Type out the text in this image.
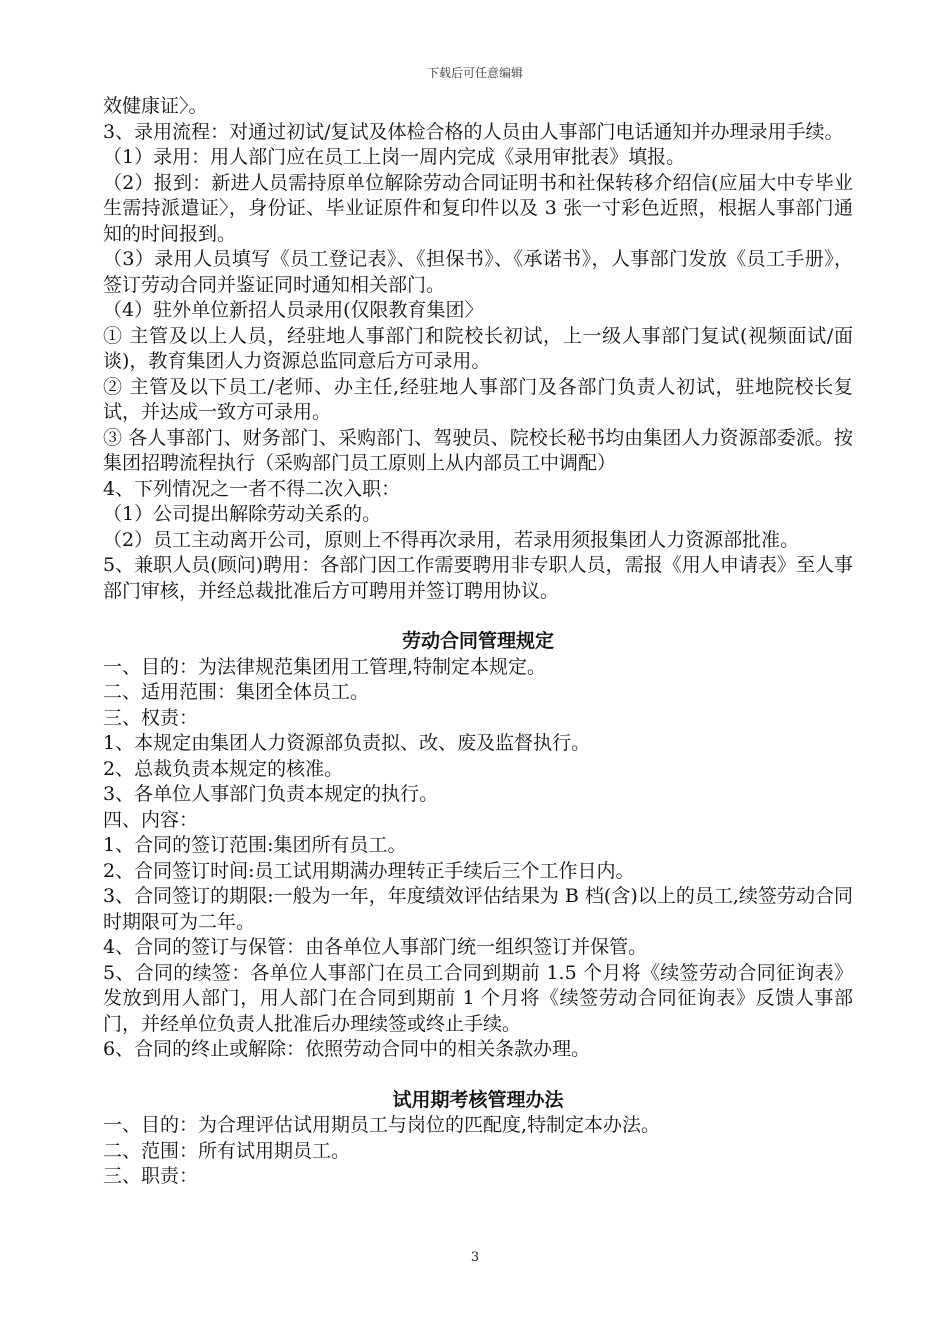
下载后可任意编辑

效健康证〉。

3、录用流程：对通过初试/复试及体检合格的人员由人事部门电话通知并办理录用手续。

（1）录用：用人部门应在员工上岗一周内完成《录用审批表》填报。

（2）报到：新进人员需持原单位解除劳动合同证明书和社保转移介绍信(应届大中专毕业生需持派遣证〉，身份证、毕业证原件和复印件以及 3 张一寸彩色近照，根据人事部门通知的时间报到。

（3）录用人员填写《员工登记表》、《担保书》、《承诺书》，人事部门发放《员工手册》，签订劳动合同并鉴证同时通知相关部门。

（4）驻外单位新招人员录用(仅限教育集团〉

① 主管及以上人员，经驻地人事部门和院校长初试，上一级人事部门复试(视频面试/面谈)，教育集团人力资源总监同意后方可录用。

② 主管及以下员工/老师、办主任,经驻地人事部门及各部门负责人初试，驻地院校长复试，并达成一致方可录用。

③ 各人事部门、财务部门、采购部门、驾驶员、院校长秘书均由集团人力资源部委派。按集团招聘流程执行（采购部门员工原则上从内部员工中调配）

4、下列情况之一者不得二次入职：

（1）公司提出解除劳动关系的。

（2）员工主动离开公司，原则上不得再次录用，若录用须报集团人力资源部批准。

5、兼职人员(顾问)聘用：各部门因工作需要聘用非专职人员，需报《用人申请表》至人事部门审核，并经总裁批准后方可聘用并签订聘用协议。

劳动合同管理规定

一、目的：为法律规范集团用工管理,特制定本规定。

二、适用范围：集团全体员工。

三、权责：

1、本规定由集团人力资源部负责拟、改、废及监督执行。

2、总裁负责本规定的核准。

3、各单位人事部门负责本规定的执行。

四、内容：

1、合同的签订范围:集团所有员工。

2、合同签订时间:员工试用期满办理转正手续后三个工作日内。

3、合同签订的期限:一般为一年，年度绩效评估结果为 B 档(含)以上的员工,续签劳动合同时期限可为二年。

4、合同的签订与保管：由各单位人事部门统一组织签订并保管。

5、合同的续签：各单位人事部门在员工合同到期前 1.5 个月将《续签劳动合同征询表》发放到用人部门，用人部门在合同到期前 1 个月将《续签劳动合同征询表》反馈人事部门，并经单位负责人批准后办理续签或终止手续。

6、合同的终止或解除：依照劳动合同中的相关条款办理。

试用期考核管理办法

一、目的：为合理评估试用期员工与岗位的匹配度,特制定本办法。

二、范围：所有试用期员工。

三、职责：

3
